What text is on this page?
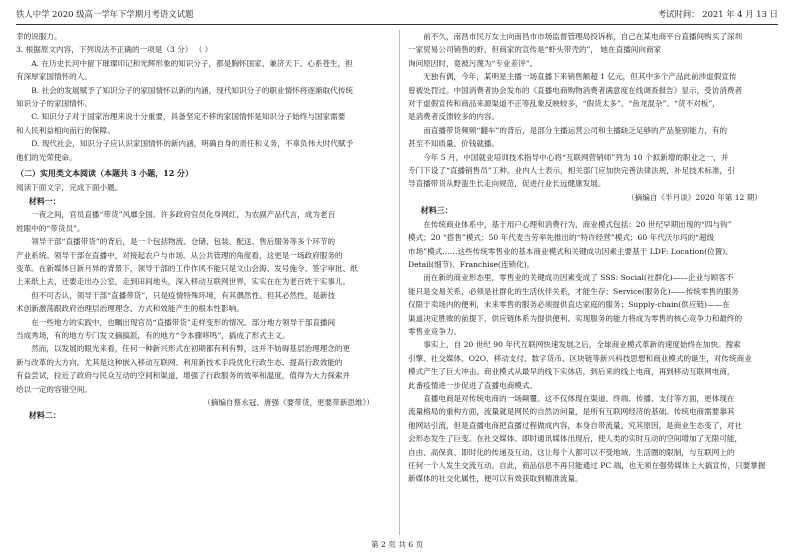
铁人中学 2020 级高一学年下学期月考语文试题	考试时间： 2021 年 4 月 13 日

幸的说服力。

3. 根据原文内容，下列说法不正确的一项是（3 分） （ ）

A. 在历史长河中留下璀璨印记和光辉形象的知识分子，都是胸怀国家、兼济天下、心系苍生，担

有深厚家国情怀的人。

B. 社会的发展赋予了知识分子的家国情怀以新的内涵，现代知识分子的职业情怀将逐渐取代传统

知识分子的家国情怀。

C. 知识分子对于国家治理来说十分重要，具备坚定不移的家国情怀是知识分子始终与国家需要

和人民利益相向而行的保障。

D. 现代社会，知识分子应认识家国情怀的新内涵，明确自身的责任和义务，不辜负伟大时代赋予

他们的光荣使命。

（二）实用类文本阅读（本题共 3 小题，12 分）

阅读下面文字，完成下面小题。

材料一：

一夜之间，官员直播“带货”风靡全国。许多政府官员化身网红，为农副产品代言，成为老百

姓眼中的“带货员”。

领导干部“直播带货”的背后，是一个包括物流、仓储、包装、配送、售后服务等多个环节的

产业系统。领导干部在直播中，对接起农户与市场。从公共管理的角度看，这更是一场政府服务的

变革。在新媒体日新月异的背景下，领导干部的工作作风不能只是文山会海、发号施令、签字审批、纸

上来纸上去，还要走出办公室，走到田间地头，深入移动互联网世界，实实在在为老百姓干实事儿。

但不可否认，领导干部“直播带货”，只是疫情特殊环境，有其偶然性。但其必然性，是新技

术创新激荡跟政府治理层治理理念、方式和效能产生的根本性影响。

在一些地方的实践中，也瞩出现官员“直播带货”走样变形的情况。部分地方领导干部直播间

当成秀场，有的地方专门发文摘搞派，有的地方“令本骤哆鸣”，搞成了形式主义。

然而，以发展的眼光来看，任何一种新兴形式在初期都有利有弊，这并不妨碍基层治理理念的更

新与改革的大方向。尤其是这种嵌入移动互联网、利用新技术手段优化行政生态、提高行政效能的

有益尝试，拉近了政府与民众互动的空间和渠道，增强了行政服务的效率和温度，值得为大力探索并

给以一定的容错空间。

（摘编自蔡永冠、唐强《要带货，更要带新思维》）

材料二：

前不久，南昌市民万女士向南昌市市场监督管理局投诉称，自己在某电商平台直播间购买了深圳

一家贸易公司销售的虾，但商家的宣传是“虾头带壳的”， 她在直播间向商家

询问原因时，竟被污蔑为“专业差评”。

无独有偶，今年，某明星主播一场直播下来销售额超 1 亿元，但其中多个产品此前涉虚假宣传

曾被处罚过。中国消费者协会发布的《直播电商购物消费者满意度在线调查报告》显示，受访消费者

对于虚假宣传和商品来源渠道不正等乱象反映较多，“假货太多”、“鱼龙混杂”、“货不对板”，

是消费者反馈较多的内容。

而直播带货频频“翻车”的背后，是部分主播运营公司和主播缺乏足够的产品鉴别能力，有的

甚至不知质量、价钱就播。

今年 5 月，中国就业培训技术指导中心将“互联网营销师”列为 10 个拟新增的职业之一，并

专门下设了“直播销售员”工种。业内人士表示，相关部门应加快完善法律法规，补足技术标准，引

导直播带货从野蛮生长走向规范，促进行业长远健康发展。

（摘编自《半月谈》2020 年第 12 期）

材料三：

在传统商业体系中，基于用户心理和消费行为，商业模式包括：20 世纪早期出现的“四与钩”

模式；20 “搭售”模式；50 年代麦当劳率先推出的“特许经营”模式；60 年代沃尔玛的“超级

市场”模式……这些传统零售业的基本商业模式和关键成功因素主要基于 LDF: Location(位置)、

Detail(细节)、Franchise(连锁化)。

而在新的商业形态里，零售业的关键成功因素变成了 SSS: Social(社群化)——企业与顾客不

能只是交易关系，必须是社群化的生活伙伴关系，才能生存；Service(服务化)——传统零售的服务

仅限于卖场内的便利，未来零售的服务必须提供直达家庭的服务；Supply-chain(供应链)——在

渠道决定胜败的前提下，供应链体系为提供便利、实现服务的能力将成为零售的核心竞争力和最终的

零售业竞争力。

事实上，自 20 世纪 90 年代互联网快速发展之后，全球商业模式革新的速度始终在加快。搜索

引擎、社交媒体、O2O、移动支付、数字货币、区块链等新兴科技思想和商业模式的诞生，对传统商业

模式产生了巨大冲击。商业模式从最早的线下实体店，到后来的线上电商，再到移动互联网电商，

此番疫情进一步促进了直播电商模式。

直播电商是对传统电商的一场颠覆。这不仅体现在渠道、终端、传播、支付等方面，更体现在

流量格局的重构方面，流量就是网民的自然访问量，是所有互联网经济的基础。传统电商需要靠其

他网站引流，但是直播电商把直播过程做成内容，本身自带流量。究其原因，是商业生态变了，对社

会形态发生了巨变。在社交媒体、即时通讯媒体出现后，使人类的实时互动的空间增加了无限可能，

自由、高保真、即时化的传递及互动。这让每个人都可以不受地域、生活圈的限制，与互联网上的

任何一个人发生交流互动。自此，商品信息不再只能通过 PC 端，也无须在强势媒体上大搞宣传，只要掌握

新媒体的社交化属性，便可以有效获取到精准流量。

第 2 页 共 6 页
